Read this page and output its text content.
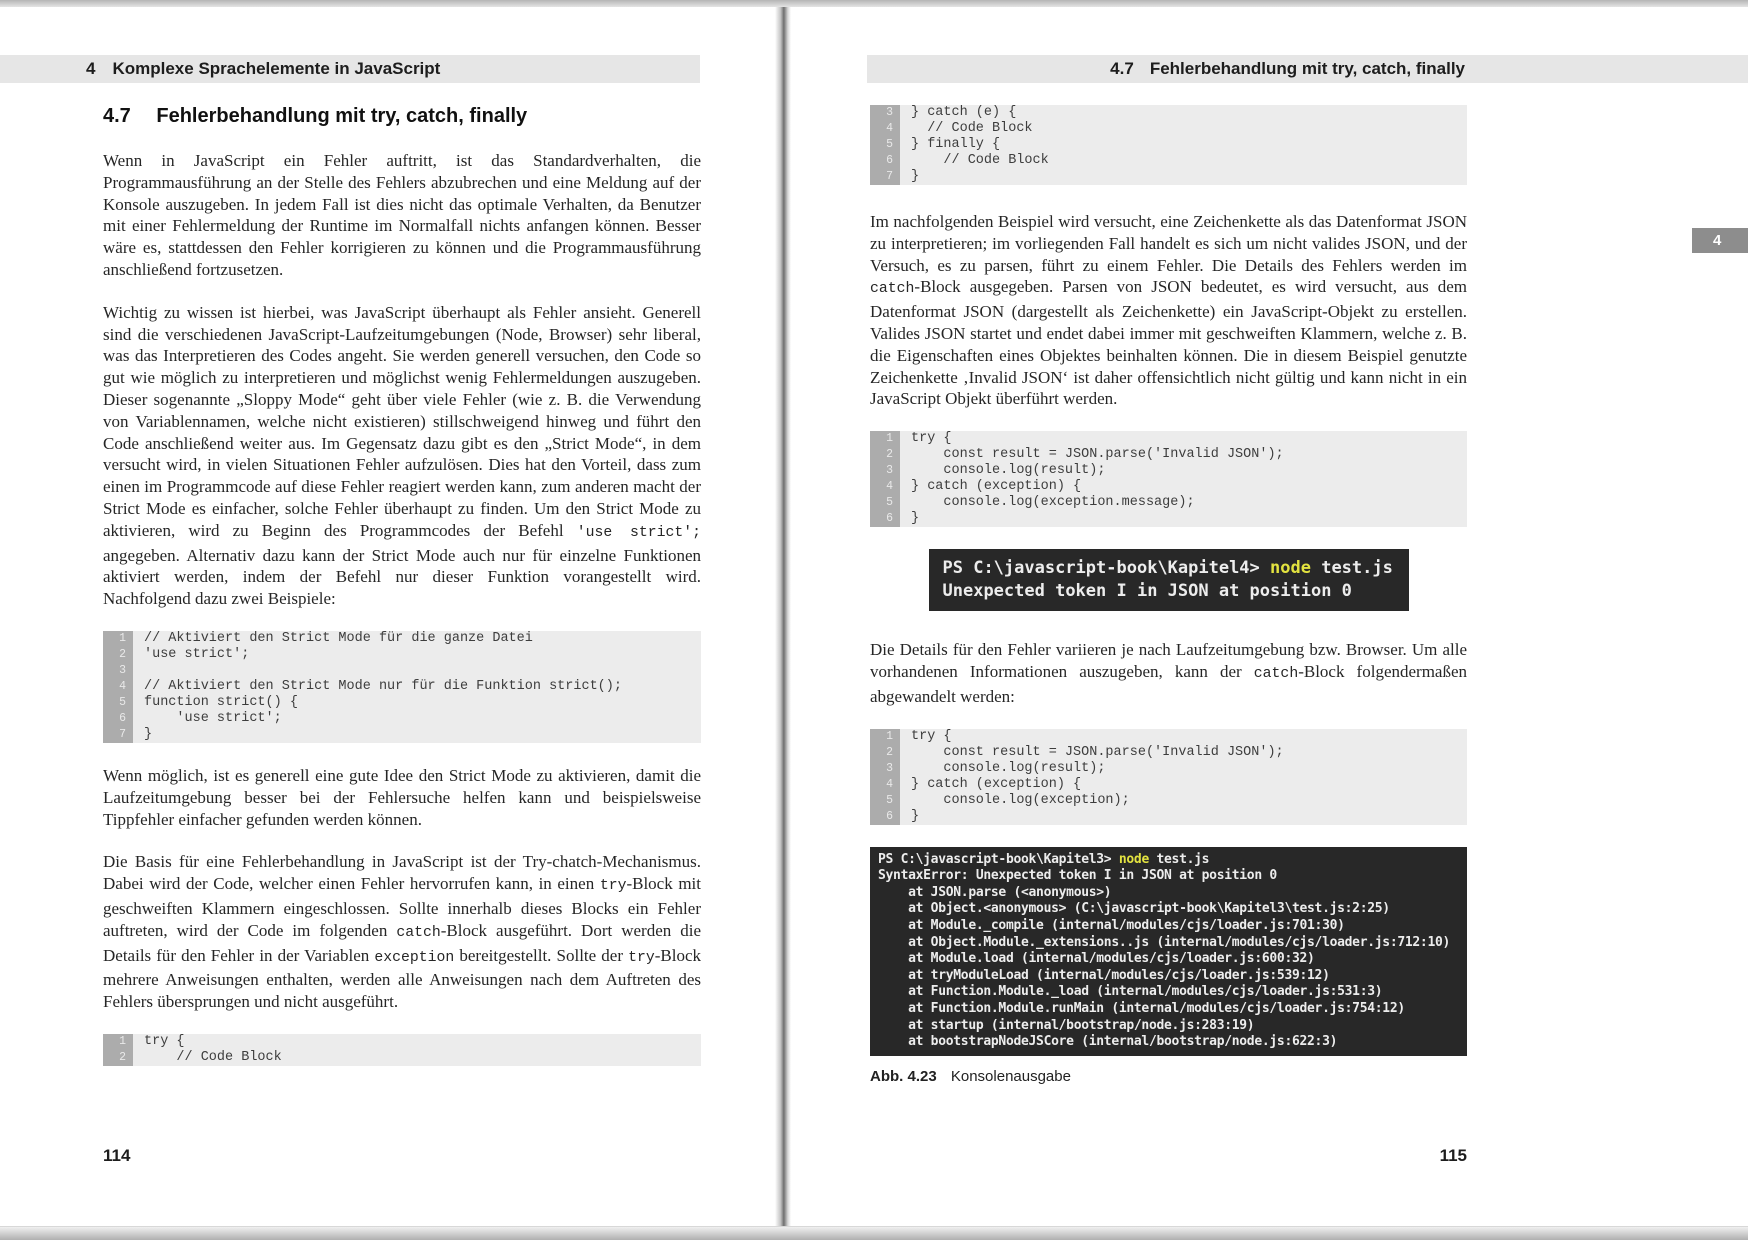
4 Komplexe Sprachelemente in JavaScript	4.7 Fehlerbehandlung mit try, catch, finally
4
4.7 Fehlerbehandlung mit try, catch, finally

Wenn in JavaScript ein Fehler auftritt, ist das Standardverhalten, die Programmausführung an der Stelle des Fehlers abzubrechen und eine Meldung auf der Konsole auszugeben. In jedem Fall ist dies nicht das optimale Verhalten, da Benutzer mit einer Fehlermeldung der Runtime im Normalfall nichts anfangen können. Besser wäre es, stattdessen den Fehler korrigieren zu können und die Programmausführung anschließend fortzusetzen.

Wichtig zu wissen ist hierbei, was JavaScript überhaupt als Fehler ansieht. Generell sind die verschiedenen JavaScript-Laufzeitumgebungen (Node, Browser) sehr liberal, was das Interpretieren des Codes angeht. Sie werden generell versuchen, den Code so gut wie möglich zu interpretieren und möglichst wenig Fehlermeldungen auszugeben. Dieser sogenannte „Sloppy Mode“ geht über viele Fehler (wie z. B. die Verwendung von Variablennamen, welche nicht existieren) stillschweigend hinweg und führt den Code anschließend weiter aus. Im Gegensatz dazu gibt es den „Strict Mode“, in dem versucht wird, in vielen Situationen Fehler aufzulösen. Dies hat den Vorteil, dass zum einen im Programmcode auf diese Fehler reagiert werden kann, zum anderen macht der Strict Mode es einfacher, solche Fehler überhaupt zu finden. Um den Strict Mode zu aktivieren, wird zu Beginn des Programmcodes der Befehl 'use strict'; angegeben. Alternativ dazu kann der Strict Mode auch nur für einzelne Funktionen aktiviert werden, indem der Befehl nur dieser Funktion vorangestellt wird. Nachfolgend dazu zwei Beispiele:

1	// Aktiviert den Strict Mode für die ganze Datei
2	'use strict';
3
4	// Aktiviert den Strict Mode nur für die Funktion strict();
5	function strict() {
6	'use strict';
7	}

Wenn möglich, ist es generell eine gute Idee den Strict Mode zu aktivieren, damit die Laufzeitumgebung besser bei der Fehlersuche helfen kann und beispielsweise Tippfehler einfacher gefunden werden können.

Die Basis für eine Fehlerbehandlung in JavaScript ist der Try-chatch-Mechanismus. Dabei wird der Code, welcher einen Fehler hervorrufen kann, in einen try-Block mit geschweiften Klammern eingeschlossen. Sollte innerhalb dieses Blocks ein Fehler auftreten, wird der Code im folgenden catch-Block ausgeführt. Dort werden die Details für den Fehler in der Variablen exception bereitgestellt. Sollte der try-Block mehrere Anweisungen enthalten, werden alle Anweisungen nach dem Auftreten des Fehlers übersprungen und nicht ausgeführt.

1	try {
2	// Code Block
3	} catch (e) {
4	// Code Block
5	} finally {
6	// Code Block
7	}

Im nachfolgenden Beispiel wird versucht, eine Zeichenkette als das Datenformat JSON zu interpretieren; im vorliegenden Fall handelt es sich um nicht valides JSON, und der Versuch, es zu parsen, führt zu einem Fehler. Die Details des Fehlers werden im catch-Block ausgegeben. Parsen von JSON bedeutet, es wird versucht, aus dem Datenformat JSON (dargestellt als Zeichenkette) ein JavaScript-Objekt zu erstellen. Valides JSON startet und endet dabei immer mit geschweiften Klammern, welche z. B. die Eigenschaften eines Objektes beinhalten können. Die in diesem Beispiel genutzte Zeichenkette ‚Invalid JSON‘ ist daher offensichtlich nicht gültig und kann nicht in ein JavaScript Objekt überführt werden.

1	try {
2	const result = JSON.parse('Invalid JSON');
3	console.log(result);
4	} catch (exception) {
5	console.log(exception.message);
6	}
PS C:\javascript-book\Kapitel4> node test.js
Unexpected token I in JSON at position 0

Die Details für den Fehler variieren je nach Laufzeitumgebung bzw. Browser. Um alle vorhandenen Informationen auszugeben, kann der catch-Block folgendermaßen abgewandelt werden:

1	try {
2	const result = JSON.parse('Invalid JSON');
3	console.log(result);
4	} catch (exception) {
5	console.log(exception);
6	}
PS C:\javascript-book\Kapitel3> node test.js
SyntaxError: Unexpected token I in JSON at position 0
at JSON.parse (<anonymous>)
at Object.<anonymous> (C:\javascript-book\Kapitel3\test.js:2:25)
at Module._compile (internal/modules/cjs/loader.js:701:30)
at Object.Module._extensions..js (internal/modules/cjs/loader.js:712:10)
at Module.load (internal/modules/cjs/loader.js:600:32)
at tryModuleLoad (internal/modules/cjs/loader.js:539:12)
at Function.Module._load (internal/modules/cjs/loader.js:531:3)
at Function.Module.runMain (internal/modules/cjs/loader.js:754:12)
at startup (internal/bootstrap/node.js:283:19)
at bootstrapNodeJSCore (internal/bootstrap/node.js:622:3)
Abb. 4.23 Konsolenausgabe
114	115
